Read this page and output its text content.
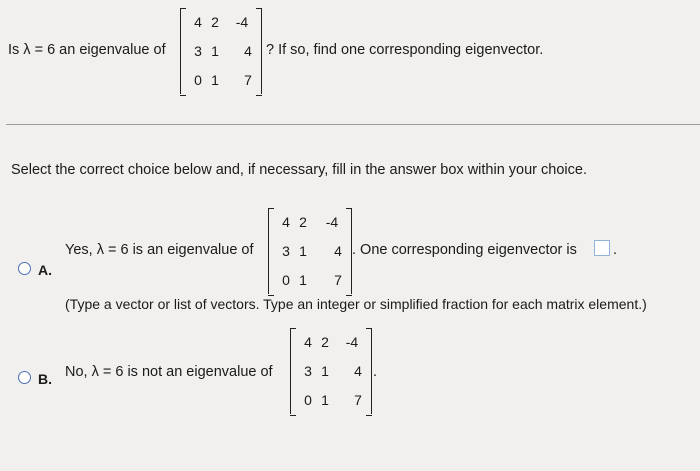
Is λ = 6 an eigenvalue of
4 2	-4
3 1	4
0 1	7
? If so, find one corresponding eigenvector.
Select the correct choice below and, if necessary, fill in the answer box within your choice.
A.
Yes, λ = 6 is an eigenvalue of
4 2	-4
3 1	4
0 1	7
. One corresponding eigenvector is .
(Type a vector or list of vectors. Type an integer or simplified fraction for each matrix element.)
B. No, λ = 6 is not an eigenvalue of
4 2	-4
3 1	4
0 1	7
.
